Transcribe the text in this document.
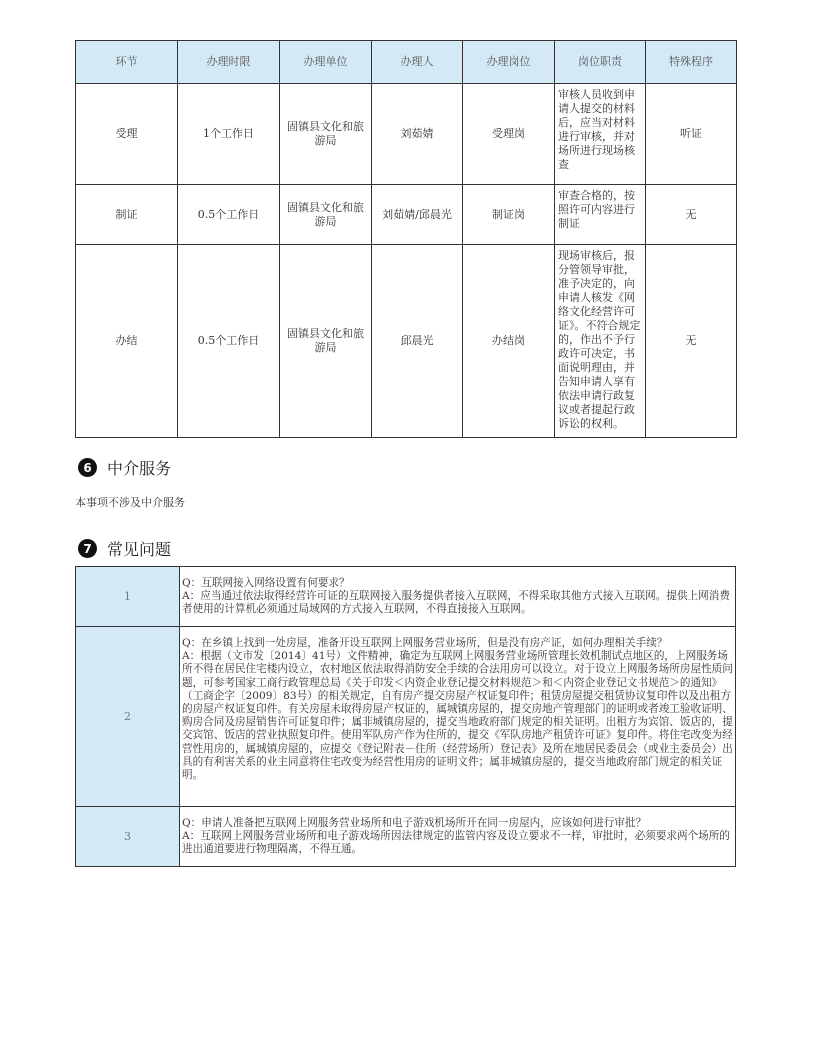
环节	办理时限	办理单位	办理人	办理岗位	岗位职责	特殊程序
受理	1个工作日	固镇县文化和旅游局	刘茹婧	受理岗	审核人员收到申请人提交的材料后，应当对材料进行审核，并对场所进行现场核查	听证
制证	0.5个工作日	固镇县文化和旅游局	刘茹婧/邱晨光	制证岗	审查合格的，按照许可内容进行制证	无
办结	0.5个工作日	固镇县文化和旅游局	邱晨光	办结岗	现场审核后，报分管领导审批，准予决定的，向申请人核发《网络文化经营许可证》。不符合规定的，作出不予行政许可决定，书面说明理由，并告知申请人享有依法申请行政复议或者提起行政诉讼的权利。	无
6 中介服务
本事项不涉及中介服务
7 常见问题
1	Q：互联网接入网络设置有何要求？
A：应当通过依法取得经营许可证的互联网接入服务提供者接入互联网，不得采取其他方式接入互联网。提供上网消费者使用的计算机必须通过局域网的方式接入互联网，不得直接接入互联网。

2	Q：在乡镇上找到一处房屋，准备开设互联网上网服务营业场所，但是没有房产证，如何办理相关手续？
A：根据（文市发〔2014〕41号）文件精神，确定为互联网上网服务营业场所管理长效机制试点地区的，上网服务场所不得在居民住宅楼内设立，农村地区依法取得消防安全手续的合法用房可以设立。对于设立上网服务场所房屋性质问题，可参考国家工商行政管理总局《关于印发＜内资企业登记提交材料规范＞和＜内资企业登记文书规范＞的通知》（工商企字〔2009〕83号）的相关规定，自有房产提交房屋产权证复印件；租赁房屋提交租赁协议复印件以及出租方的房屋产权证复印件。有关房屋未取得房屋产权证的，属城镇房屋的，提交房地产管理部门的证明或者竣工验收证明、购房合同及房屋销售许可证复印件；属非城镇房屋的，提交当地政府部门规定的相关证明。出租方为宾馆、饭店的，提交宾馆、饭店的营业执照复印件。使用军队房产作为住所的，提交《军队房地产租赁许可证》复印件。将住宅改变为经营性用房的，属城镇房屋的，应提交《登记附表－住所（经营场所）登记表》及所在地居民委员会（或业主委员会）出具的有利害关系的业主同意将住宅改变为经营性用房的证明文件；属非城镇房屋的，提交当地政府部门规定的相关证明。

3	Q：申请人准备把互联网上网服务营业场所和电子游戏机场所开在同一房屋内，应该如何进行审批？
A：互联网上网服务营业场所和电子游戏场所因法律规定的监管内容及设立要求不一样，审批时，必须要求两个场所的进出通道要进行物理隔离，不得互通。
